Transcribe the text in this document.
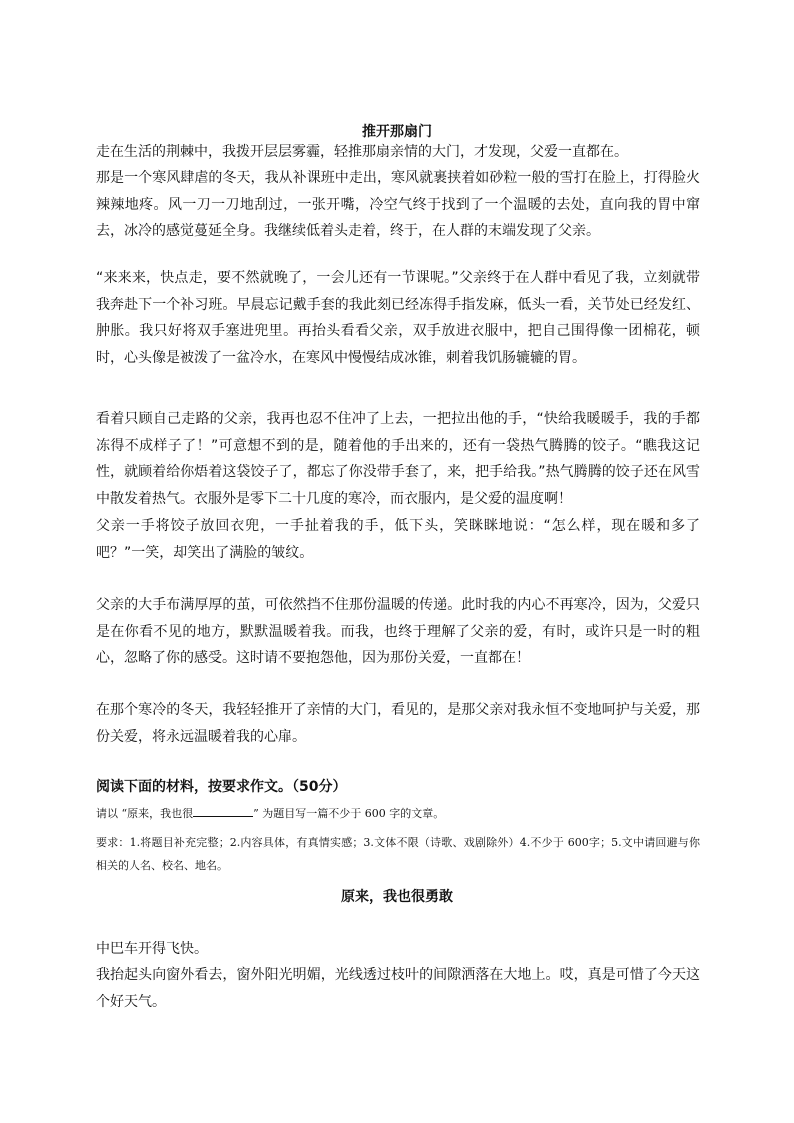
推开那扇门

走在生活的荆棘中，我拨开层层雾霾，轻推那扇亲情的大门，才发现，父爱一直都在。

那是一个寒风肆虐的冬天，我从补课班中走出，寒风就裹挟着如砂粒一般的雪打在脸上，打得脸火辣辣地疼。风一刀一刀地刮过，一张开嘴，冷空气终于找到了一个温暖的去处，直向我的胃中窜去，冰冷的感觉蔓延全身。我继续低着头走着，终于，在人群的末端发现了父亲。

“来来来，快点走，要不然就晚了，一会儿还有一节课呢。”父亲终于在人群中看见了我，立刻就带我奔赴下一个补习班。早晨忘记戴手套的我此刻已经冻得手指发麻，低头一看，关节处已经发红、肿胀。我只好将双手塞进兜里。再抬头看看父亲，双手放进衣服中，把自己围得像一团棉花，顿时，心头像是被泼了一盆冷水，在寒风中慢慢结成冰锥，刺着我饥肠辘辘的胃。

看着只顾自己走路的父亲，我再也忍不住冲了上去，一把拉出他的手，“快给我暖暖手，我的手都冻得不成样子了！”可意想不到的是，随着他的手出来的，还有一袋热气腾腾的饺子。“瞧我这记性，就顾着给你焐着这袋饺子了，都忘了你没带手套了，来，把手给我。”热气腾腾的饺子还在风雪中散发着热气。衣服外是零下二十几度的寒冷，而衣服内，是父爱的温度啊！

父亲一手将饺子放回衣兜，一手扯着我的手，低下头，笑眯眯地说：“怎么样，现在暖和多了吧？”一笑，却笑出了满脸的皱纹。

父亲的大手布满厚厚的茧，可依然挡不住那份温暖的传递。此时我的内心不再寒冷，因为，父爱只是在你看不见的地方，默默温暖着我。而我，也终于理解了父亲的爱，有时，或许只是一时的粗心，忽略了你的感受。这时请不要抱怨他，因为那份关爱，一直都在！

在那个寒冷的冬天，我轻轻推开了亲情的大门，看见的，是那父亲对我永恒不变地呵护与关爱，那份关爱，将永远温暖着我的心扉。

阅读下面的材料，按要求作文。（50分）

请以 “原来，我也很	” 为题目写一篇不少于 600 字的文章。

要求：1.将题目补充完整；2.内容具体，有真情实感；3.文体不限（诗歌、戏剧除外）4.不少于 600字；5.文中请回避与你相关的人名、校名、地名。

原来，我也很勇敢

中巴车开得飞快。

我抬起头向窗外看去，窗外阳光明媚，光线透过枝叶的间隙洒落在大地上。哎，真是可惜了今天这个好天气。
